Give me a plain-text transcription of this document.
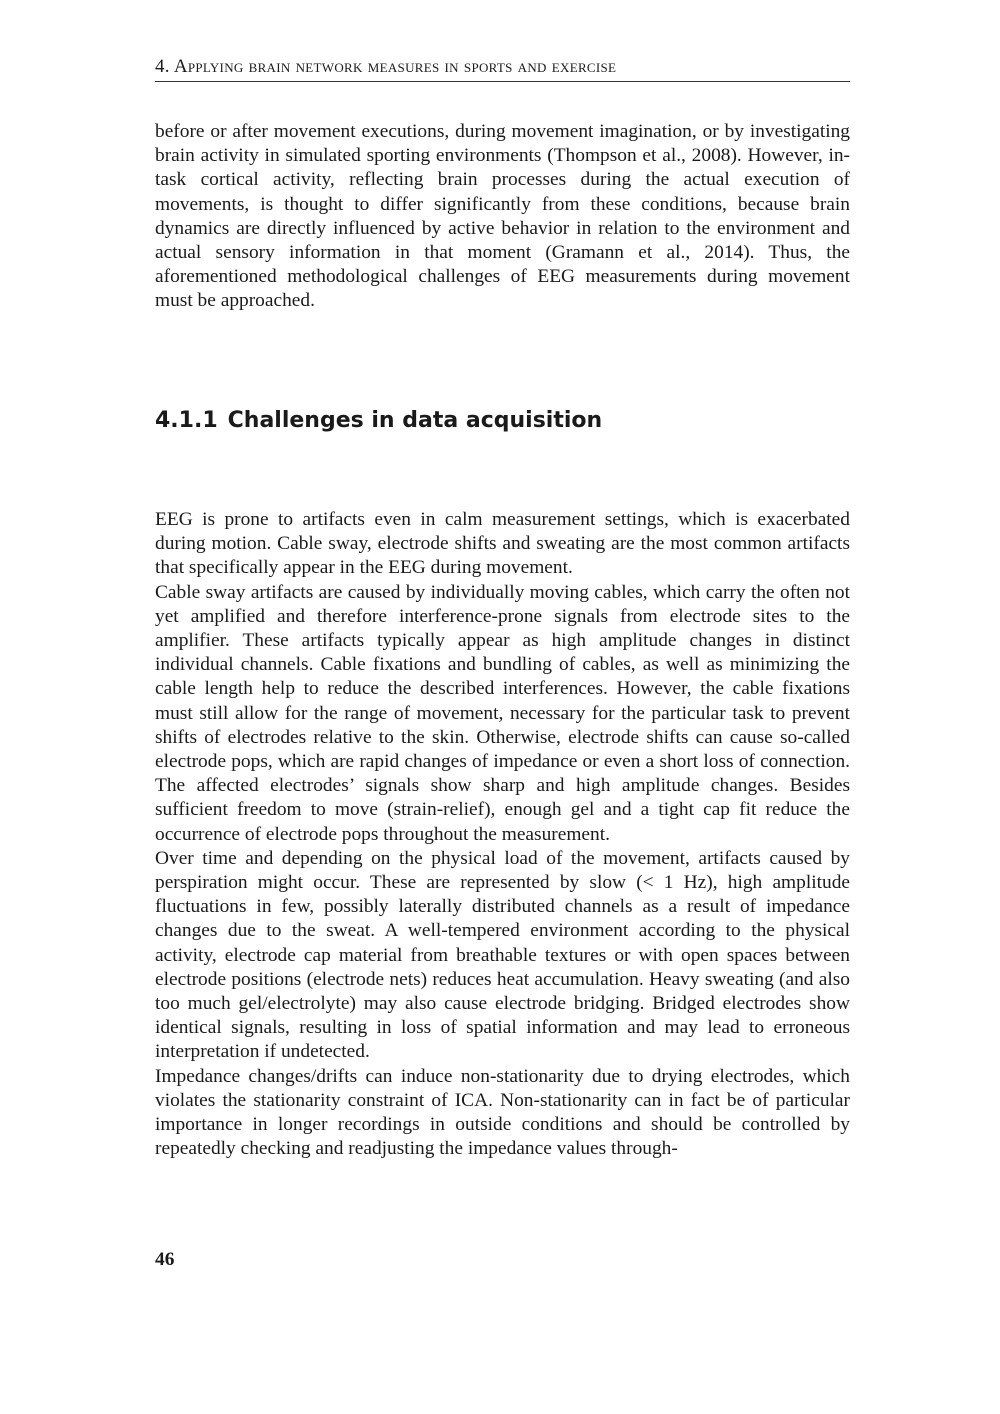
4. Applying brain network measures in sports and exercise

before or after movement executions, during movement imagination, or by investigating brain activity in simulated sporting environments (Thompson et al., 2008). However, in-task cortical activity, reflecting brain processes during the actual execution of movements, is thought to differ significantly from these conditions, because brain dynamics are directly influenced by active behavior in relation to the environment and actual sensory information in that moment (Gramann et al., 2014). Thus, the aforementioned methodological challenges of EEG measurements during movement must be approached.

4.1.1 Challenges in data acquisition

EEG is prone to artifacts even in calm measurement settings, which is exacerbated during motion. Cable sway, electrode shifts and sweating are the most common artifacts that specifically appear in the EEG during movement.

Cable sway artifacts are caused by individually moving cables, which carry the often not yet amplified and therefore interference-prone signals from electrode sites to the amplifier. These artifacts typically appear as high amplitude changes in distinct individual channels. Cable fixations and bundling of cables, as well as minimizing the cable length help to reduce the described interferences. However, the cable fixations must still allow for the range of movement, necessary for the particular task to prevent shifts of electrodes relative to the skin. Otherwise, electrode shifts can cause so-called electrode pops, which are rapid changes of impedance or even a short loss of connection. The affected electrodes’ signals show sharp and high amplitude changes. Besides sufficient freedom to move (strain-relief), enough gel and a tight cap fit reduce the occurrence of electrode pops throughout the measurement.

Over time and depending on the physical load of the movement, artifacts caused by perspiration might occur. These are represented by slow (< 1 Hz), high amplitude fluctuations in few, possibly laterally distributed channels as a result of impedance changes due to the sweat. A well-tempered environment according to the physical activity, electrode cap material from breathable textures or with open spaces between electrode positions (electrode nets) reduces heat accumulation. Heavy sweating (and also too much gel/electrolyte) may also cause electrode bridging. Bridged electrodes show identical signals, resulting in loss of spatial information and may lead to erroneous interpretation if undetected.

Impedance changes/drifts can induce non-stationarity due to drying electrodes, which violates the stationarity constraint of ICA. Non-stationarity can in fact be of particular importance in longer recordings in outside conditions and should be controlled by repeatedly checking and readjusting the impedance values through-

46
